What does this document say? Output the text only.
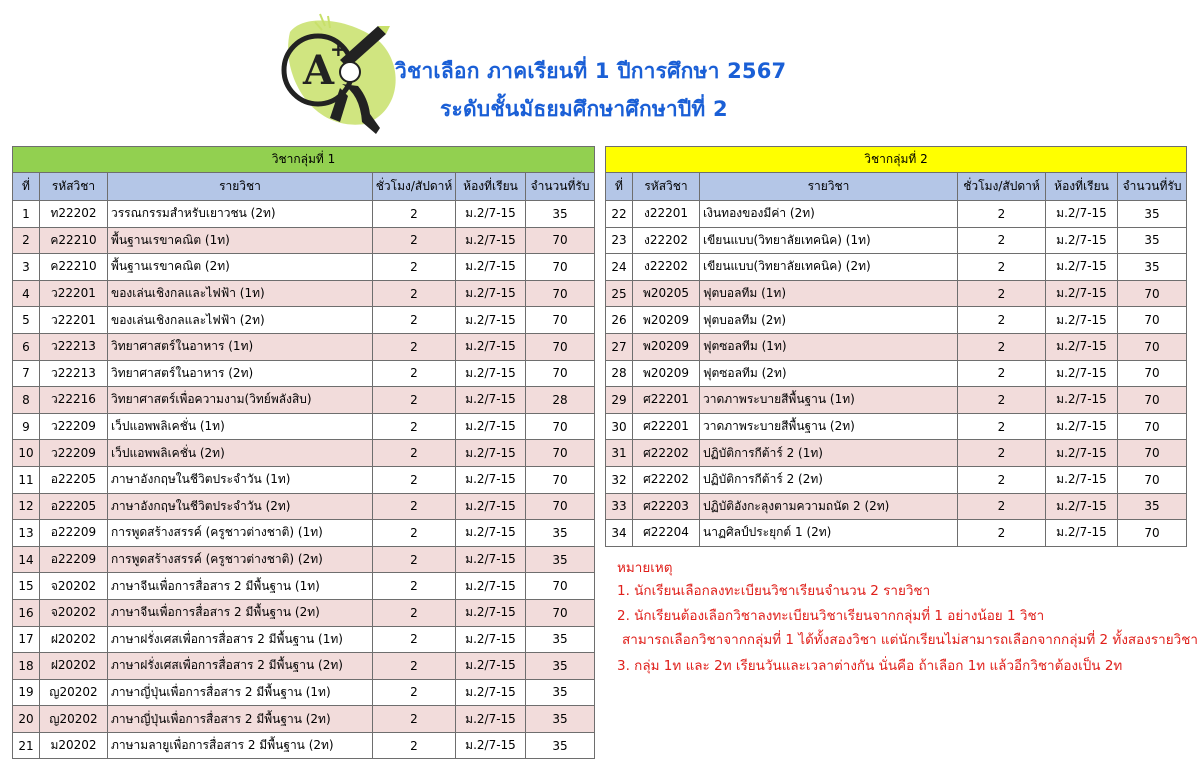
A
+
วิชาเลือก ภาคเรียนที่ 1 ปีการศึกษา 2567
ระดับชั้นมัธยมศึกษาศึกษาปีที่ 2
วิชากลุ่มที่ 1					
ที่	รหัสวิชา	รายวิชา	ชั่วโมง/สัปดาห์	ห้องที่เรียน	จำนวนที่รับ
1	ท22202	วรรณกรรมสำหรับเยาวชน (2ท)	2	ม.2/7-15	35
2	ค22210	พื้นฐานเรขาคณิต (1ท)	2	ม.2/7-15	70
3	ค22210	พื้นฐานเรขาคณิต (2ท)	2	ม.2/7-15	70
4	ว22201	ของเล่นเชิงกลและไฟฟ้า (1ท)	2	ม.2/7-15	70
5	ว22201	ของเล่นเชิงกลและไฟฟ้า (2ท)	2	ม.2/7-15	70
6	ว22213	วิทยาศาสตร์ในอาหาร (1ท)	2	ม.2/7-15	70
7	ว22213	วิทยาศาสตร์ในอาหาร (2ท)	2	ม.2/7-15	70
8	ว22216	วิทยาศาสตร์เพื่อความงาม(วิทย์พลังสิบ)	2	ม.2/7-15	28
9	ว22209	เว็ปแอพพลิเคชั่น (1ท)	2	ม.2/7-15	70
10	ว22209	เว็ปแอพพลิเคชั่น (2ท)	2	ม.2/7-15	70
11	อ22205	ภาษาอังกฤษในชีวิตประจำวัน (1ท)	2	ม.2/7-15	70
12	อ22205	ภาษาอังกฤษในชีวิตประจำวัน (2ท)	2	ม.2/7-15	70
13	อ22209	การพูดสร้างสรรค์ (ครูชาวต่างชาติ) (1ท)	2	ม.2/7-15	35
14	อ22209	การพูดสร้างสรรค์ (ครูชาวต่างชาติ) (2ท)	2	ม.2/7-15	35
15	จ20202	ภาษาจีนเพื่อการสื่อสาร 2 มีพื้นฐาน (1ท)	2	ม.2/7-15	70
16	จ20202	ภาษาจีนเพื่อการสื่อสาร 2 มีพื้นฐาน (2ท)	2	ม.2/7-15	70
17	ฝ20202	ภาษาฝรั่งเศสเพื่อการสื่อสาร 2 มีพื้นฐาน (1ท)	2	ม.2/7-15	35
18	ฝ20202	ภาษาฝรั่งเศสเพื่อการสื่อสาร 2 มีพื้นฐาน (2ท)	2	ม.2/7-15	35
19	ญ20202	ภาษาญี่ปุ่นเพื่อการสื่อสาร 2 มีพื้นฐาน (1ท)	2	ม.2/7-15	35
20	ญ20202	ภาษาญี่ปุ่นเพื่อการสื่อสาร 2 มีพื้นฐาน (2ท)	2	ม.2/7-15	35
21	ม20202	ภาษามลายูเพื่อการสื่อสาร 2 มีพื้นฐาน (2ท)	2	ม.2/7-15	35
วิชากลุ่มที่ 2					
ที่	รหัสวิชา	รายวิชา	ชั่วโมง/สัปดาห์	ห้องที่เรียน	จำนวนที่รับ
22	ง22201	เงินทองของมีค่า (2ท)	2	ม.2/7-15	35
23	ง22202	เขียนแบบ(วิทยาลัยเทคนิค) (1ท)	2	ม.2/7-15	35
24	ง22202	เขียนแบบ(วิทยาลัยเทคนิค) (2ท)	2	ม.2/7-15	35
25	พ20205	ฟุตบอลทีม (1ท)	2	ม.2/7-15	70
26	พ20209	ฟุตบอลทีม (2ท)	2	ม.2/7-15	70
27	พ20209	ฟุตซอลทีม (1ท)	2	ม.2/7-15	70
28	พ20209	ฟุตซอลทีม (2ท)	2	ม.2/7-15	70
29	ศ22201	วาดภาพระบายสีพื้นฐาน (1ท)	2	ม.2/7-15	70
30	ศ22201	วาดภาพระบายสีพื้นฐาน (2ท)	2	ม.2/7-15	70
31	ศ22202	ปฏิบัติการกีต้าร์ 2 (1ท)	2	ม.2/7-15	70
32	ศ22202	ปฏิบัติการกีต้าร์ 2 (2ท)	2	ม.2/7-15	70
33	ศ22203	ปฏิบัติอังกะลุงตามความถนัด 2 (2ท)	2	ม.2/7-15	35
34	ศ22204	นาฏศิลป์ประยุกต์ 1 (2ท)	2	ม.2/7-15	70
หมายเหตุ
1. นักเรียนเลือกลงทะเบียนวิชาเรียนจำนวน 2 รายวิชา
2. นักเรียนต้องเลือกวิชาลงทะเบียนวิชาเรียนจากกลุ่มที่ 1 อย่างน้อย 1 วิชา
สามารถเลือกวิชาจากกลุ่มที่ 1 ได้ทั้งสองวิชา แต่นักเรียนไม่สามารถเลือกจากกลุ่มที่ 2 ทั้งสองรายวิชา
3. กลุ่ม 1ท และ 2ท เรียนวันและเวลาต่างกัน นั่นคือ ถ้าเลือก 1ท แล้วอีกวิชาต้องเป็น 2ท
